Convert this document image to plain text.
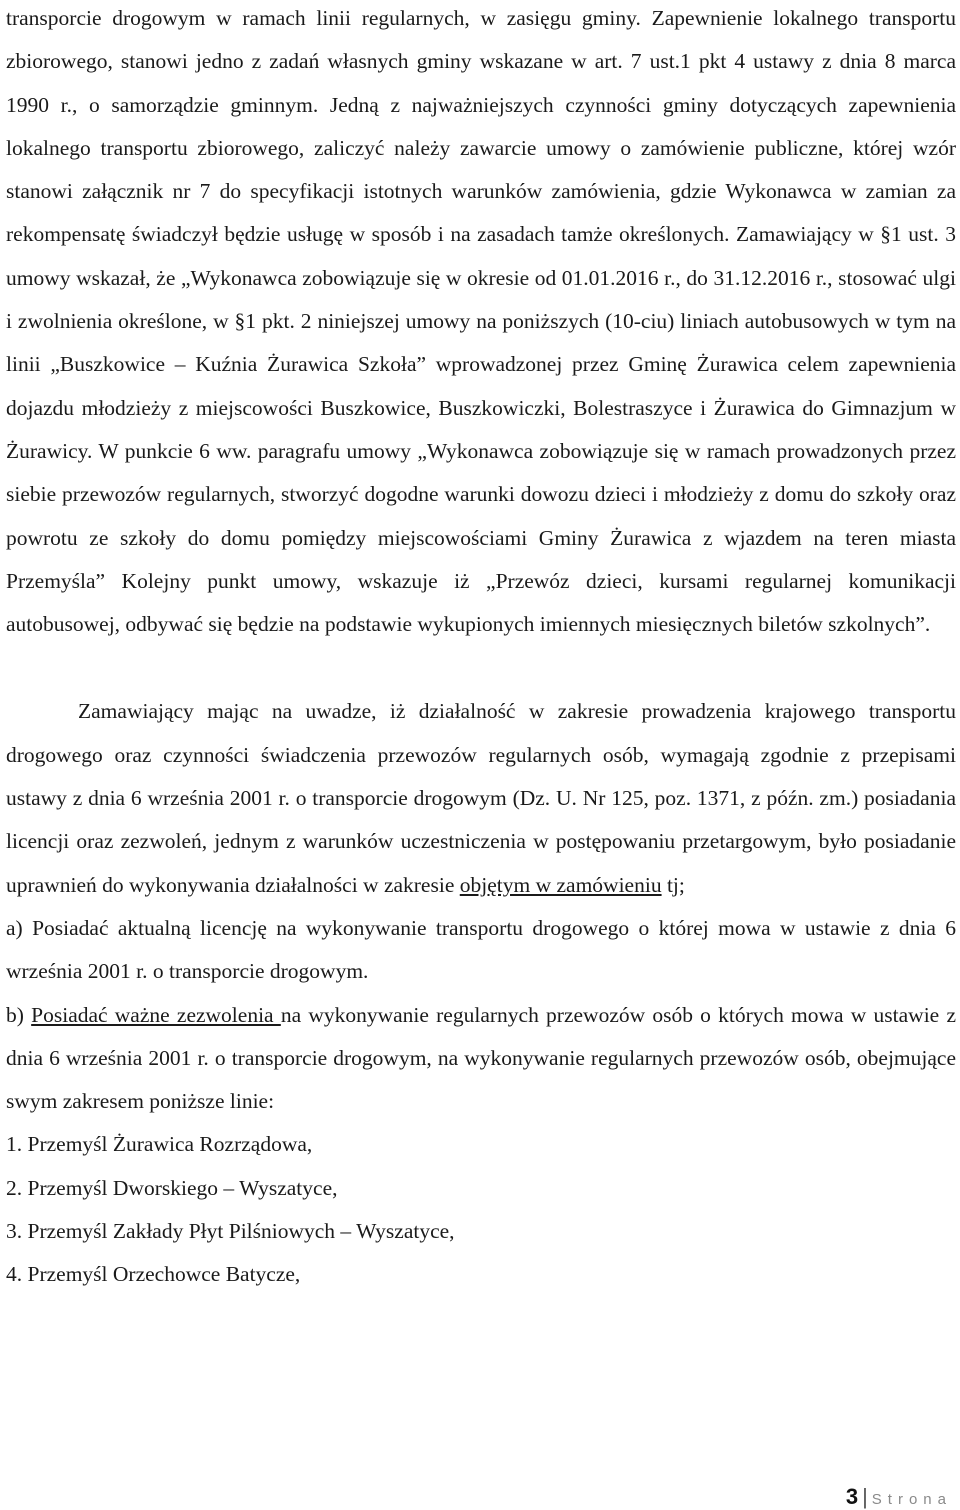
transporcie drogowym w ramach linii regularnych, w zasięgu gminy. Zapewnienie lokalnego transportu zbiorowego, stanowi jedno z zadań własnych gminy wskazane w art. 7 ust.1 pkt 4 ustawy z dnia 8 marca 1990 r., o samorządzie gminnym. Jedną z najważniejszych czynności gminy dotyczących zapewnienia lokalnego transportu zbiorowego, zaliczyć należy zawarcie umowy o zamówienie publiczne, której wzór stanowi załącznik nr 7 do specyfikacji istotnych warunków zamówienia, gdzie Wykonawca w zamian za rekompensatę świadczył będzie usługę w sposób i na zasadach tamże określonych. Zamawiający w §1 ust. 3 umowy wskazał, że „Wykonawca zobowiązuje się w okresie od 01.01.2016 r., do 31.12.2016 r., stosować ulgi i zwolnienia określone, w §1 pkt. 2 niniejszej umowy na poniższych (10-ciu) liniach autobusowych w tym na linii „Buszkowice – Kuźnia Żurawica Szkoła” wprowadzonej przez Gminę Żurawica celem zapewnienia dojazdu młodzieży z miejscowości Buszkowice, Buszkowiczki, Bolestraszyce i Żurawica do Gimnazjum w Żurawicy. W punkcie 6 ww. paragrafu umowy „Wykonawca zobowiązuje się w ramach prowadzonych przez siebie przewozów regularnych, stworzyć dogodne warunki dowozu dzieci i młodzieży z domu do szkoły oraz powrotu ze szkoły do domu pomiędzy miejscowościami Gminy Żurawica z wjazdem na teren miasta Przemyśla” Kolejny punkt umowy, wskazuje iż „Przewóz dzieci, kursami regularnej komunikacji autobusowej, odbywać się będzie na podstawie wykupionych imiennych miesięcznych biletów szkolnych”.

Zamawiający mając na uwadze, iż działalność w zakresie prowadzenia krajowego transportu drogowego oraz czynności świadczenia przewozów regularnych osób, wymagają zgodnie z przepisami ustawy z dnia 6 września 2001 r. o transporcie drogowym (Dz. U. Nr 125, poz. 1371, z późn. zm.) posiadania licencji oraz zezwoleń, jednym z warunków uczestniczenia w postępowaniu przetargowym, było posiadanie uprawnień do wykonywania działalności w zakresie objętym w zamówieniu tj;

a) Posiadać aktualną licencję na wykonywanie transportu drogowego o której mowa w ustawie z dnia 6 września 2001 r. o transporcie drogowym.

b) Posiadać ważne zezwolenia na wykonywanie regularnych przewozów osób o których mowa w ustawie z dnia 6 września 2001 r. o transporcie drogowym, na wykonywanie regularnych przewozów osób, obejmujące swym zakresem poniższe linie:

1. Przemyśl Żurawica Rozrządowa,
2. Przemyśl Dworskiego – Wyszatyce,
3. Przemyśl Zakłady Płyt Pilśniowych – Wyszatyce,
4. Przemyśl Orzechowce Batycze,
3 | Strona
